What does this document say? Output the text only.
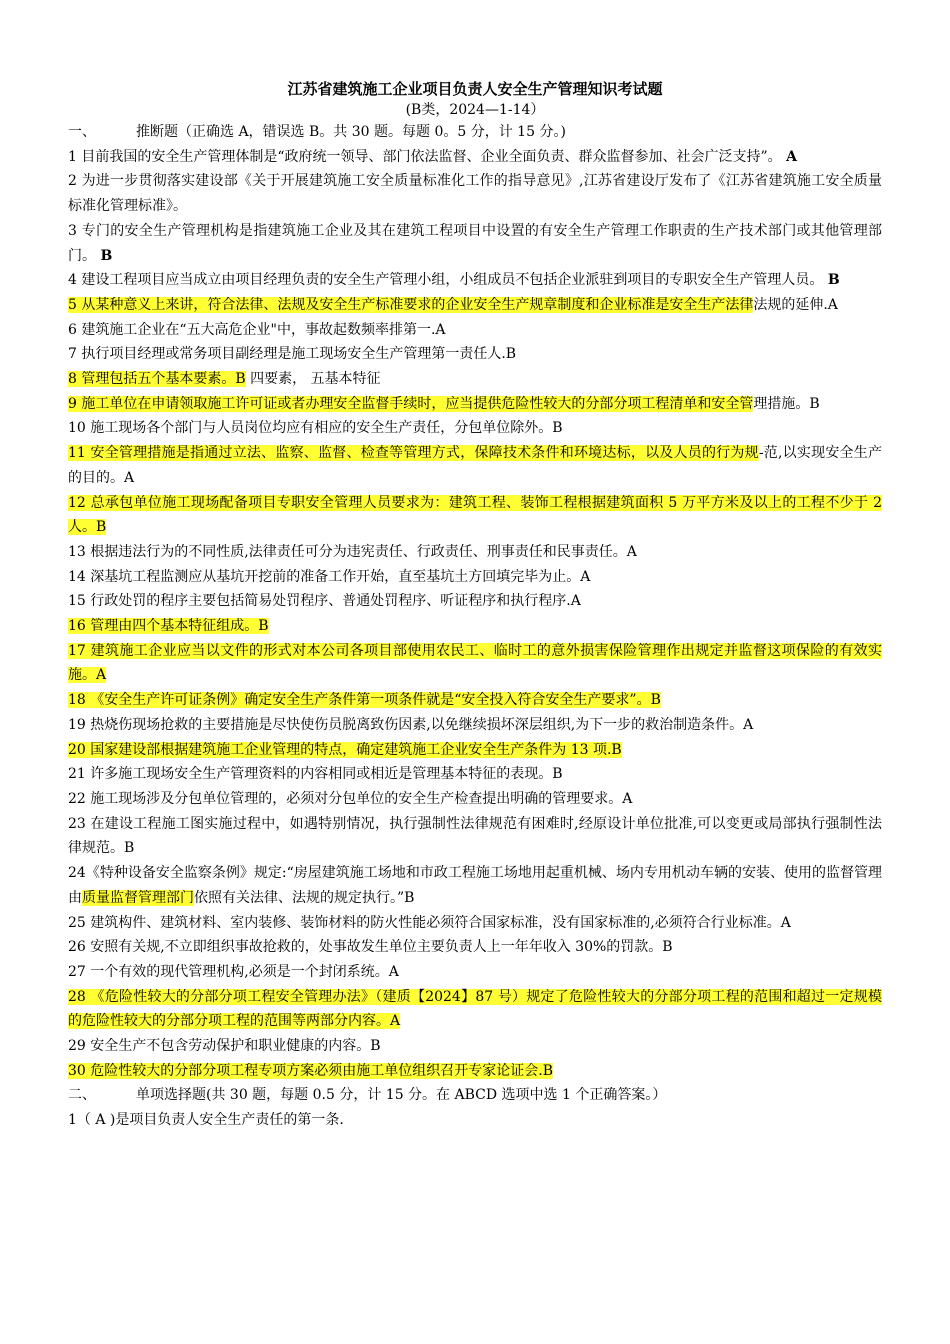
江苏省建筑施工企业项目负责人安全生产管理知识考试题

(B类，2024—1-14）

一、	推断题（正确选 A，错误选 B。共 30 题。每题 0。5 分，计 15 分。)

1 目前我国的安全生产管理体制是“政府统一领导、部门依法监督、企业全面负责、群众监督参加、社会广泛支持”。 A

2 为进一步贯彻落实建设部《关于开展建筑施工安全质量标准化工作的指导意见》,江苏省建设厅发布了《江苏省建筑施工安全质量标准化管理标准》。

3 专门的安全生产管理机构是指建筑施工企业及其在建筑工程项目中设置的有安全生产管理工作职责的生产技术部门或其他管理部门。 B

4 建设工程项目应当成立由项目经理负责的安全生产管理小组，小组成员不包括企业派驻到项目的专职安全生产管理人员。 B

5 从某种意义上来讲，符合法律、法规及安全生产标准要求的企业安全生产规章制度和企业标准是安全生产法律法规的延伸.A

6 建筑施工企业在“五大高危企业"中，事故起数频率排第一.A

7 执行项目经理或常务项目副经理是施工现场安全生产管理第一责任人.B

8 管理包括五个基本要素。B 四要素， 五基本特征

9 施工单位在申请领取施工许可证或者办理安全监督手续时，应当提供危险性较大的分部分项工程清单和安全管理措施。B

10 施工现场各个部门与人员岗位均应有相应的安全生产责任，分包单位除外。B

11 安全管理措施是指通过立法、监察、监督、检查等管理方式，保障技术条件和环境达标，以及人员的行为规-范,以实现安全生产的目的。A

12 总承包单位施工现场配备项目专职安全管理人员要求为：建筑工程、装饰工程根据建筑面积 5 万平方米及以上的工程不少于 2 人。B

13 根据违法行为的不同性质,法律责任可分为违宪责任、行政责任、刑事责任和民事责任。A

14 深基坑工程监测应从基坑开挖前的准备工作开始，直至基坑土方回填完毕为止。A

15 行政处罚的程序主要包括简易处罚程序、普通处罚程序、听证程序和执行程序.A

16 管理由四个基本特征组成。B

17 建筑施工企业应当以文件的形式对本公司各项目部使用农民工、临时工的意外损害保险管理作出规定并监督这项保险的有效实施。A

18 《安全生产许可证条例》确定安全生产条件第一项条件就是“安全投入符合安全生产要求”。B

19 热烧伤现场抢救的主要措施是尽快使伤员脱离致伤因素,以免继续损坏深层组织,为下一步的救治制造条件。A

20 国家建设部根据建筑施工企业管理的特点，确定建筑施工企业安全生产条件为 13 项.B

21 许多施工现场安全生产管理资料的内容相同或相近是管理基本特征的表现。B

22 施工现场涉及分包单位管理的，必须对分包单位的安全生产检查提出明确的管理要求。A

23 在建设工程施工图实施过程中，如遇特别情况，执行强制性法律规范有困难时,经原设计单位批准,可以变更或局部执行强制性法律规范。B

24《特种设备安全监察条例》规定:“房屋建筑施工场地和市政工程施工场地用起重机械、场内专用机动车辆的安装、使用的监督管理由质量监督管理部门依照有关法律、法规的规定执行。”B

25 建筑构件、建筑材料、室内装修、装饰材料的防火性能必须符合国家标准，没有国家标准的,必须符合行业标准。A

26 安照有关规,不立即组织事故抢救的，处事故发生单位主要负责人上一年年收入 30%的罚款。B

27 一个有效的现代管理机构,必须是一个封闭系统。A

28 《危险性较大的分部分项工程安全管理办法》（建质【2024】87 号）规定了危险性较大的分部分项工程的范围和超过一定规模的危险性较大的分部分项工程的范围等两部分内容。A

29 安全生产不包含劳动保护和职业健康的内容。B

30 危险性较大的分部分项工程专项方案必须由施工单位组织召开专家论证会.B

二、	单项选择题(共 30 题，每题 0.5 分，计 15 分。在 ABCD 选项中选 1 个正确答案。）

1（ A )是项目负责人安全生产责任的第一条.
